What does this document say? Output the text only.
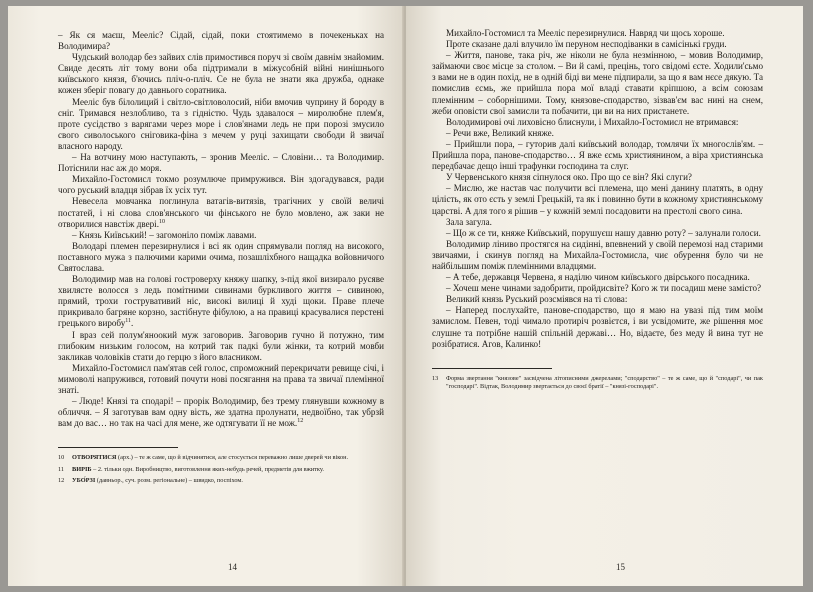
– Як ся маєш, Мееліс? Сідай, сідай, поки стоятимемо в почекеньках на Володимира?

Чудський володар без зайвих слів примостився поруч зі своїм давнім знайомим. Свиде десять літ тому вони оба підтримали в міжусобній війні нинішнього київського князя, б'ючись пліч-о-пліч. Се не була не знати яка дружба, однаке кожен зберіг повагу до давнього соратника.

Мееліс був білолиций і світло-світловолосий, ніби вмочив чуприну й бороду в сніг. Тримався незлобливо, та з гідністю. Чудь здавалося – миролюбне плем'я, проте сусідство з варягами через море і слов'янами ледь не при порозі змусило свого сиволоського сніговика-фіна з мечем у руці захищати свободи й звичаї власного народу.

– На вотчину мою наступають, – зронив Мееліс. – Словіни… та Володимир. Потіснили нас аж до моря.

Михайло-Гостомисл токмо розумлюче примружився. Він здогадувався, ради чого руський владця зібрав їх усіх тут.

Невесела мовчанка поглинула ватагів-витязів, трагічних у своїй величі постатей, і ні слова слов'янського чи фінського не було мовлено, аж заки не отворилися навстіж двері.$^{10}$

– Князь Київський! – загомоніло поміж лавами.

Володарі племен перезирнулися і всі як один спрямували погляд на високого, поставного мужа з палючими карими очима, позашліхбного нащадка войовничого Святослава.

Володимир мав на голові гостроверху княжу шапку, з-під якої визирало русяве хвилясте волосся з ледь помітними сивинами буркливого життя – сивиною, прямий, трохи гострувативий ніс, високі вилиці й худі щоки. Праве плече прикривало багряне корзно, застібнуте фібулою, а на правиці красувалися перстені грецького виробу$^{11}$.

І враз сей полум'яноокий муж заговорив. Заговорив гучно й потужно, тим глибоким низьким голосом, на котрий так падкі були жінки, та котрий мовби закликав чоловіків стати до герцю з його власником.

Михайло-Гостомисл пам'ятав сей голос, спроможний перекричати ревище січі, і мимоволі напружився, готовий почути нові посягання на права та звичаї племінної знаті.

– Люде! Князі та сподарі! – прорік Володимир, без трему глянувши кожному в обличчя. – Я заготував вам одну вість, же здатна пролунати, недвоїбно, так убрзй вам до вас… но так на часі для мене, же одтягувати її не мож.$^{12}$

10	ОТВОРЯТИСЯ (арх.) – те ж саме, що й відчинятися, але стосується переважно лише дверей чи вікон.
11	ВИРІБ – 2. тільки одн. Виробництво, виготовлення яких-небудь речей, предметів для вжитку.
12	УБО́РЗІ (давньор., суч. розм. регіональне) – швидко, поспіхом.
14

Михайло-Гостомисл та Мееліс перезирнулися. Навряд чи щось хороше.

Проте сказане далі влучило їм перуном несподіванки в самісінькі груди.

– Життя, панове, така річ, же ніколи не була незмінною, – мовив Володимир, займаючи своє місце за столом. – Ви й самі, прецінь, того свідомі єсте. Ходили'сьмо з вами не в один похід, не в одній біді ви мене підпирали, за що я вам нєсе дякую. Та помислив єсмь, же прийшла пора мої владі ставати кріпшою, а всім союзам племінним – соборнішими. Тому, князове-сподарство, зізвав'єм вас нині на снем, жеби оповісти свої замисли та побачити, ци ви на них пристанете.

Володимирові очі лиховісно блиснули, і Михайло-Гостомисл не втримався:

– Речи вже, Великий княже.

– Прийшли пора, – гуторив далі київський володар, томлячи їх многослів'ям. – Прийшла пора, панове-сподарство… Я вже єсмь християнином, а віра християнська передбачає дещо інші трафунки господина та слуг.

У Червенського князя сіпнулося око. Про що се він? Які слуги?

– Мислю, же настав час получити всі племена, що мені данину платять, в одну цілість, як ото єсть у землі Грецькій, та як і повинно бути в кожному християнському царстві. А для того я рішив – у кожній землі посадовити на престолі свого сина.

Зала загула.

– Що ж се ти, княже Київський, порушуєш нашу давню роту? – залунали голоси.

Володимир ліниво простягся на сидінні, впевнений у своїй перемозі над старими звичаями, і скинув погляд на Михайла-Гостомисла, чиє обурення було чи не найбільшим поміж племінними владцями.

– А тебе, державця Червена, я наділю чином київського двірського посадника.

– Хочеш мене чинами задобрити, пройдисвіте? Кого ж ти посадиш мене замісто?

Великий князь Руський розсміявся на ті слова:

– Наперед послухайте, панове-сподарство, що я маю на увазі під тим моїм замислом. Певен, тоді чимало протиріч розвієтся, і ви усвідомите, же рішення моє слушне та потрібне нашій спільній державі… Но, відаєте, без меду й вина тут не розібратися. Агов, Калинко!

13	Форма звертання "князове" засвідчена літописними джерелами; "сподарство" – те ж саме, що й "сподарі", чи пак "господарі". Відтак, Володимир звертається до своєї братії – "князі-господарі".
15
